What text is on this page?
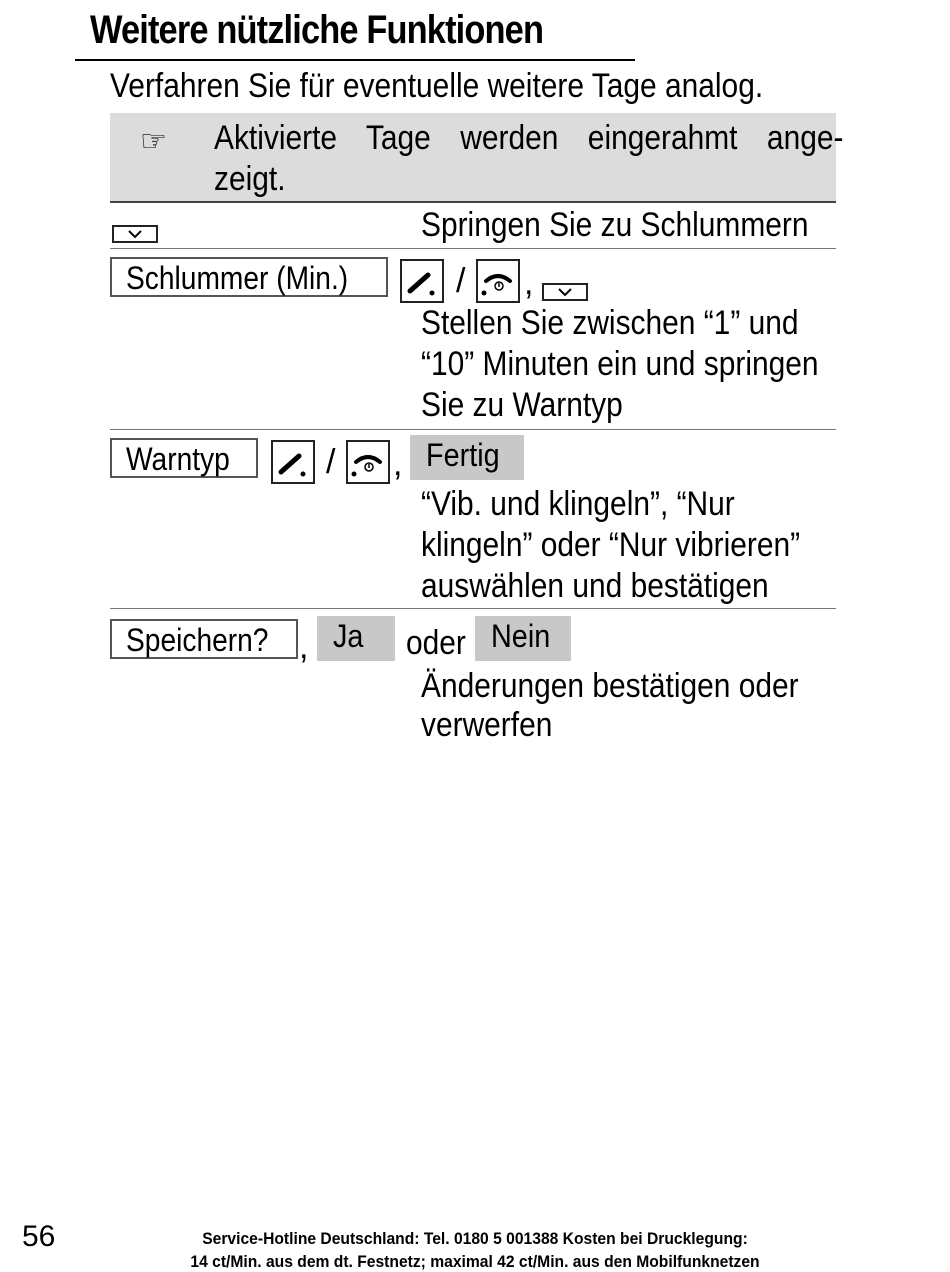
Weitere nützliche Funktionen
Verfahren Sie für eventuelle weitere Tage analog.
☞ Aktivierte Tage werden eingerahmt ange-
zeigt.
Springen Sie zu Schlummern
Schlummer (Min.)	/ ,
Stellen Sie zwischen “1” und
“10” Minuten ein und springen
Sie zu Warntyp
Warntyp	/ , Fertig
“Vib. und klingeln”, “Nur
klingeln” oder “Nur vibrieren”
auswählen und bestätigen
Speichern? , Ja	oder Nein
Änderungen bestätigen oder
verwerfen
56	Service-Hotline Deutschland: Tel. 0180 5 001388 Kosten bei Drucklegung:
14 ct/Min. aus dem dt. Festnetz; maximal 42 ct/Min. aus den Mobilfunknetzen
